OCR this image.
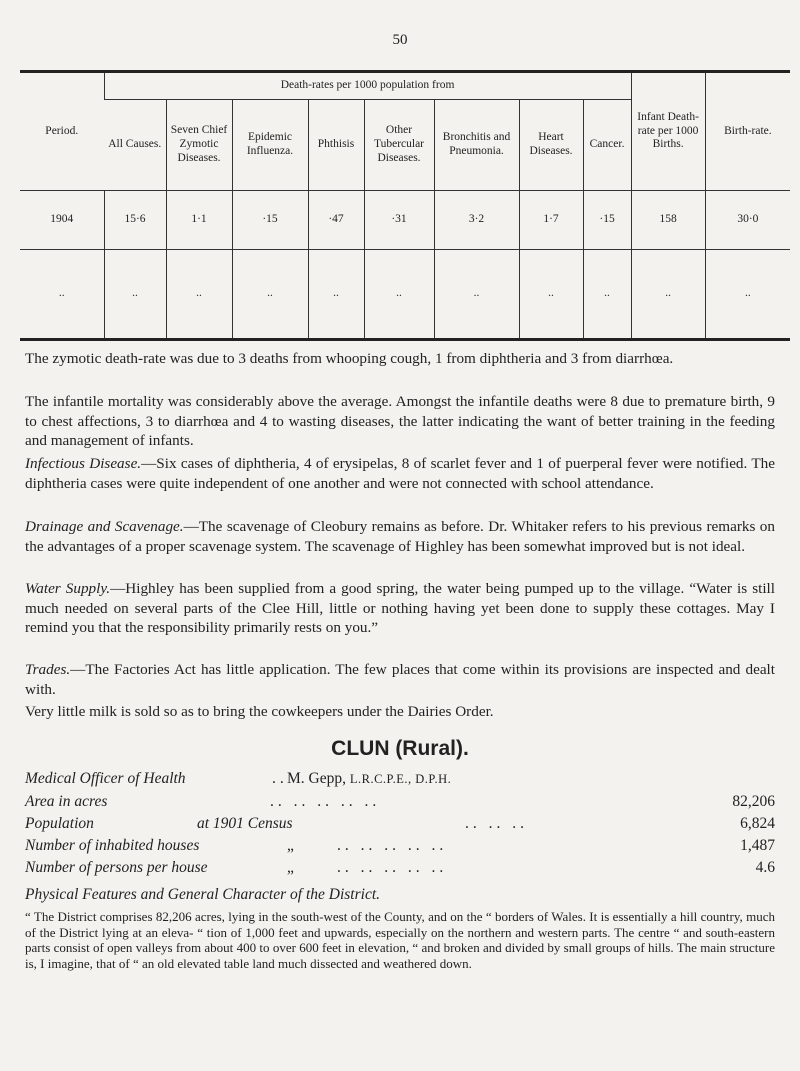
50
Period.	Death-rates per 1000 population from								Infant Death-rate per 1000 Births.	Birth-rate.
	All Causes.	Seven Chief Zymotic Diseases.	Epidemic Influenza.	Phthisis	Other Tubercular Diseases.	Bronchitis and Pneumonia.	Heart Diseases.	Cancer.		
1904	15·6	1·1	·15	·47	·31	3·2	1·7	·15	158	30·0
..	..	..	..	..	..	..	..	..	..	..

The zymotic death-rate was due to 3 deaths from whooping cough, 1 from diphtheria and 3 from diarrhœa.

The infantile mortality was considerably above the average. Amongst the infantile deaths were 8 due to premature birth, 9 to chest affections, 3 to diarrhœa and 4 to wasting diseases, the latter indicating the want of better training in the feeding and management of infants.

Infectious Disease.—Six cases of diphtheria, 4 of erysipelas, 8 of scarlet fever and 1 of puerperal fever were notified. The diphtheria cases were quite independent of one another and were not connected with school attendance.

Drainage and Scavenage.—The scavenage of Cleobury remains as before. Dr. Whitaker refers to his previous remarks on the advantages of a proper scavenage system. The scavenage of Highley has been somewhat improved but is not ideal.

Water Supply.—Highley has been supplied from a good spring, the water being pumped up to the village. “Water is still much needed on several parts of the Clee Hill, little or nothing having yet been done to supply these cottages. May I remind you that the responsibility primarily rests on you.”

Trades.—The Factories Act has little application. The few places that come within its provisions are inspected and dealt with.

Very little milk is sold so as to bring the cowkeepers under the Dairies Order.

CLUN (Rural).
Medical Officer of Health	.. M. Gepp, L.R.C.P.E., D.P.H.
Area in acres	.. .. .. .. ..	82,206
Population	at 1901 Census	.. .. ..	6,824
Number of inhabited houses	„	.. .. .. .. ..	1,487
Number of persons per house	„	.. .. .. .. ..	4.6
Physical Features and General Character of the District.
“ The District comprises 82,206 acres, lying in the south-west of the County, and on the “ borders of Wales. It is essentially a hill country, much of the District lying at an eleva- “ tion of 1,000 feet and upwards, especially on the northern and western parts. The centre “ and south-eastern parts consist of open valleys from about 400 to over 600 feet in elevation, “ and broken and divided by small groups of hills. The main structure is, I imagine, that of “ an old elevated table land much dissected and weathered down.
